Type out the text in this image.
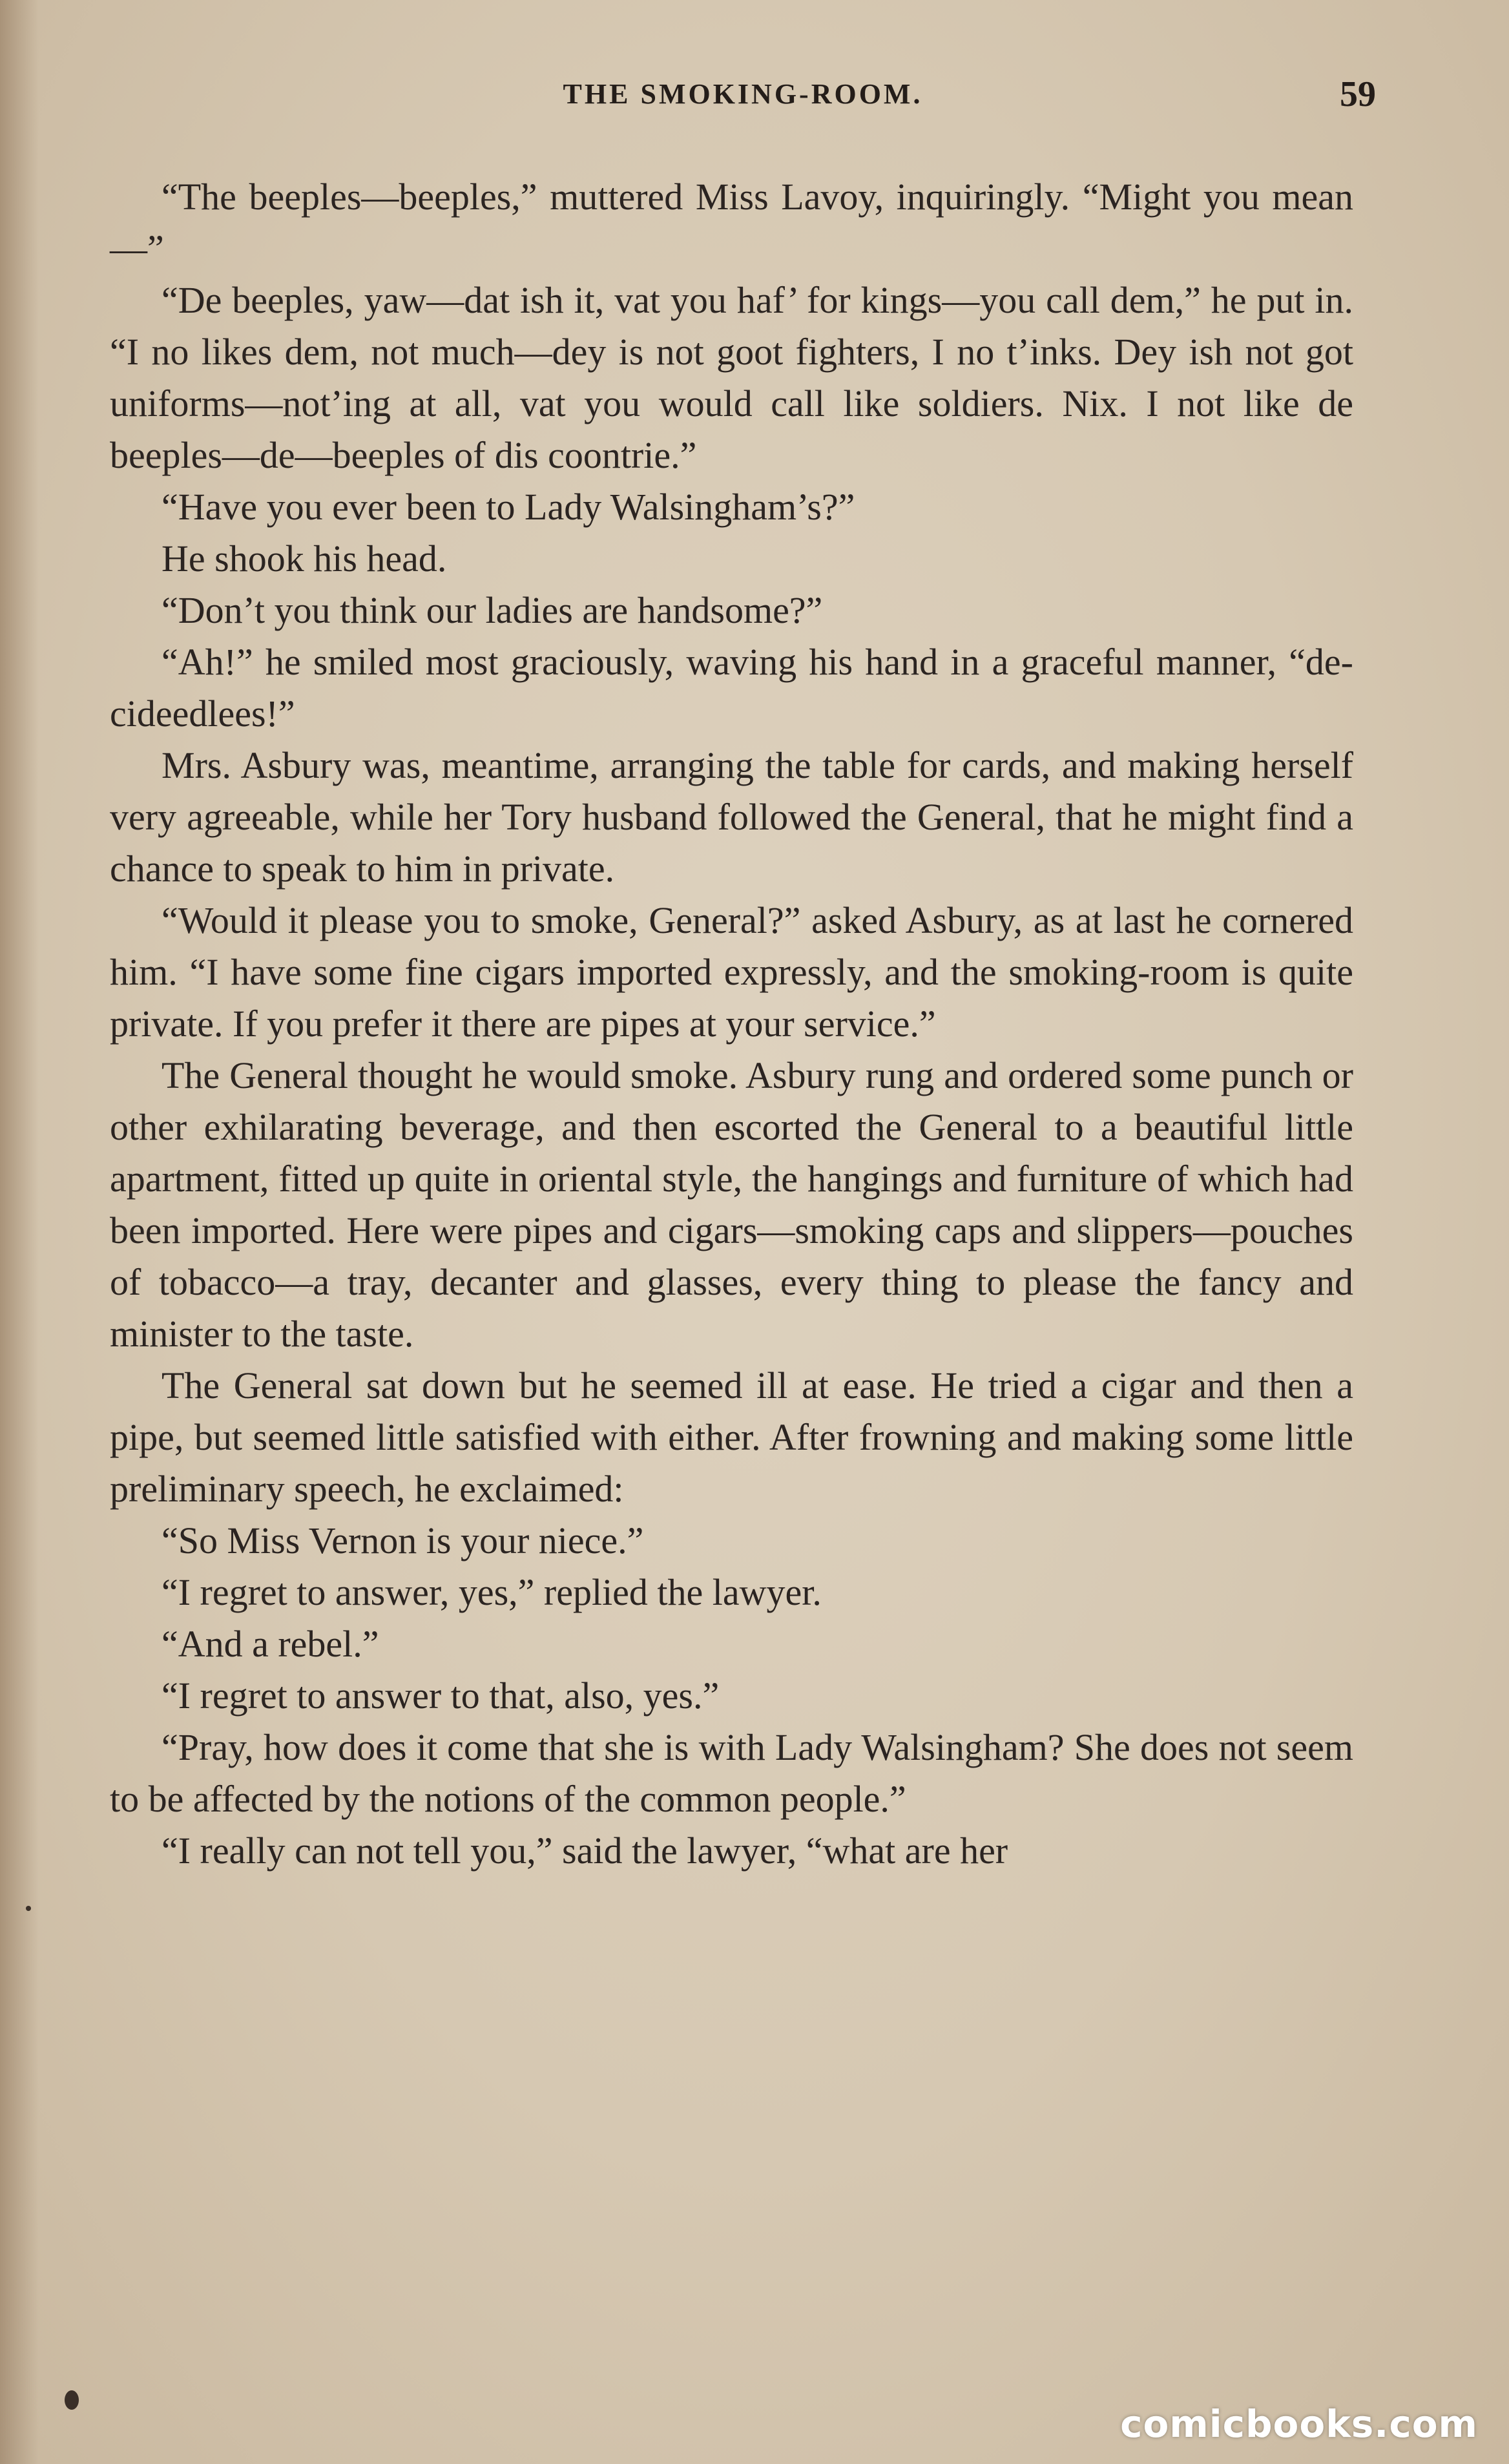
THE SMOKING-ROOM.	59

“The beeples—beeples,” muttered Miss Lavoy, inquiringly. “Might you mean—”

“De beeples, yaw—dat ish it, vat you haf’ for kings—you call dem,” he put in. “I no likes dem, not much—dey is not goot fighters, I no t’inks. Dey ish not got uniforms—not’ing at all, vat you would call like soldiers. Nix. I not like de beeples—de—beeples of dis coontrie.”

“Have you ever been to Lady Walsingham’s?”

He shook his head.

“Don’t you think our ladies are handsome?”

“Ah!” he smiled most graciously, waving his hand in a graceful manner, “de-cideedlees!”

Mrs. Asbury was, meantime, arranging the table for cards, and making herself very agreeable, while her Tory husband followed the General, that he might find a chance to speak to him in private.

“Would it please you to smoke, General?” asked Asbury, as at last he cornered him. “I have some fine cigars imported expressly, and the smoking-room is quite private. If you prefer it there are pipes at your service.”

The General thought he would smoke. Asbury rung and ordered some punch or other exhilarating beverage, and then escorted the General to a beautiful little apartment, fitted up quite in oriental style, the hangings and furniture of which had been imported. Here were pipes and cigars—smoking caps and slippers—pouches of tobacco—a tray, decanter and glasses, every thing to please the fancy and minister to the taste.

The General sat down but he seemed ill at ease. He tried a cigar and then a pipe, but seemed little satisfied with either. After frowning and making some little preliminary speech, he exclaimed:

“So Miss Vernon is your niece.”

“I regret to answer, yes,” replied the lawyer.

“And a rebel.”

“I regret to answer to that, also, yes.”

“Pray, how does it come that she is with Lady Walsingham? She does not seem to be affected by the notions of the common people.”

“I really can not tell you,” said the lawyer, “what are her

comicbooks.com
